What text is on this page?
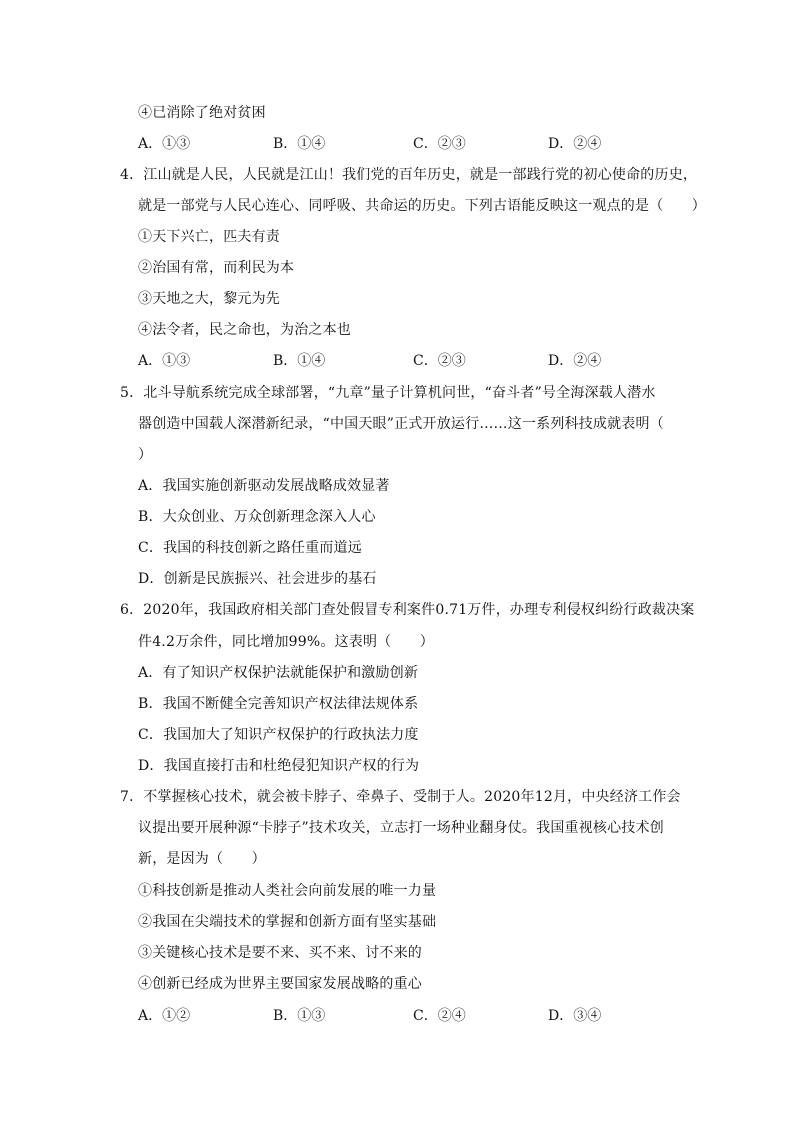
④已消除了绝对贫困
A．①③	B．①④	C．②③	D．②④
4．江山就是人民，人民就是江山！我们党的百年历史，就是一部践行党的初心使命的历史，
就是一部党与人民心连心、同呼吸、共命运的历史。下列古语能反映这一观点的是（　　）
①天下兴亡，匹夫有责
②治国有常，而利民为本
③天地之大，黎元为先
④法令者，民之命也，为治之本也
A．①③	B．①④	C．②③	D．②④
5．北斗导航系统完成全球部署，“九章”量子计算机问世，“奋斗者”号全海深载人潜水
器创造中国载人深潜新纪录，“中国天眼”正式开放运行……这一系列科技成就表明（
）
A．我国实施创新驱动发展战略成效显著
B．大众创业、万众创新理念深入人心
C．我国的科技创新之路任重而道远
D．创新是民族振兴、社会进步的基石
6．2020年，我国政府相关部门查处假冒专利案件0.71万件，办理专利侵权纠纷行政裁决案
件4.2万余件，同比增加99%。这表明（　　）
A．有了知识产权保护法就能保护和激励创新
B．我国不断健全完善知识产权法律法规体系
C．我国加大了知识产权保护的行政执法力度
D．我国直接打击和杜绝侵犯知识产权的行为
7．不掌握核心技术，就会被卡脖子、牵鼻子、受制于人。2020年12月，中央经济工作会
议提出要开展种源“卡脖子”技术攻关，立志打一场种业翻身仗。我国重视核心技术创
新，是因为（　　）
①科技创新是推动人类社会向前发展的唯一力量
②我国在尖端技术的掌握和创新方面有坚实基础
③关键核心技术是要不来、买不来、讨不来的
④创新已经成为世界主要国家发展战略的重心
A．①②	B．①③	C．②④	D．③④
